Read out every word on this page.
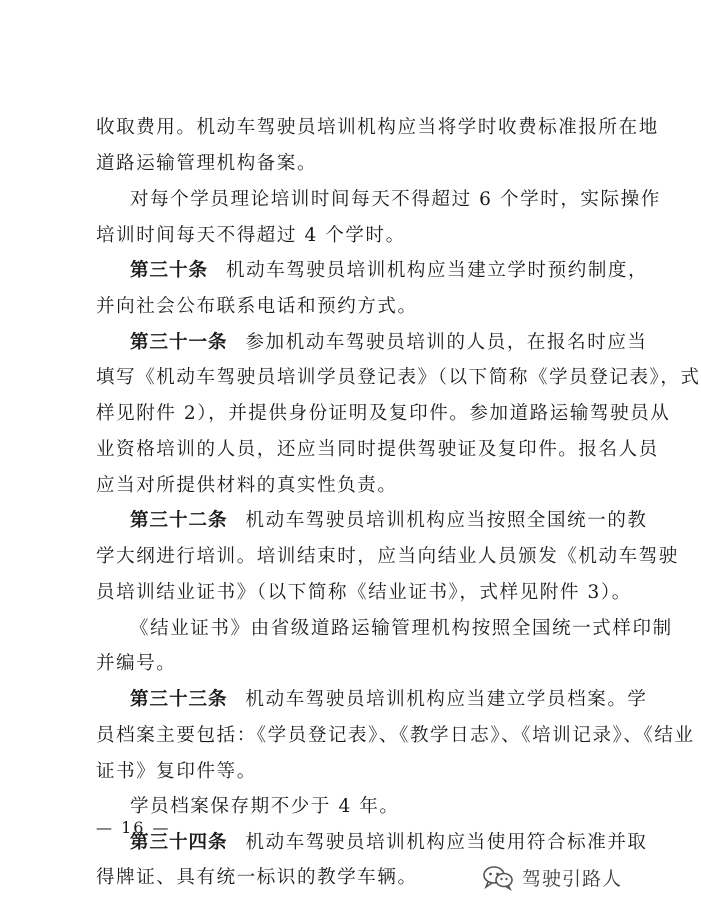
收取费用。机动车驾驶员培训机构应当将学时收费标准报所在地
道路运输管理机构备案。
对每个学员理论培训时间每天不得超过 6 个学时，实际操作
培训时间每天不得超过 4 个学时。
第三十条 机动车驾驶员培训机构应当建立学时预约制度，
并向社会公布联系电话和预约方式。
第三十一条 参加机动车驾驶员培训的人员，在报名时应当
填写《机动车驾驶员培训学员登记表》（以下简称《学员登记表》，式
样见附件 2），并提供身份证明及复印件。参加道路运输驾驶员从
业资格培训的人员，还应当同时提供驾驶证及复印件。报名人员
应当对所提供材料的真实性负责。
第三十二条 机动车驾驶员培训机构应当按照全国统一的教
学大纲进行培训。培训结束时，应当向结业人员颁发《机动车驾驶
员培训结业证书》（以下简称《结业证书》，式样见附件 3）。
《结业证书》由省级道路运输管理机构按照全国统一式样印制
并编号。
第三十三条 机动车驾驶员培训机构应当建立学员档案。学
员档案主要包括：《学员登记表》、《教学日志》、《培训记录》、《结业
证书》复印件等。
学员档案保存期不少于 4 年。
第三十四条 机动车驾驶员培训机构应当使用符合标准并取
得牌证、具有统一标识的教学车辆。
— 16 —
驾驶引路人
